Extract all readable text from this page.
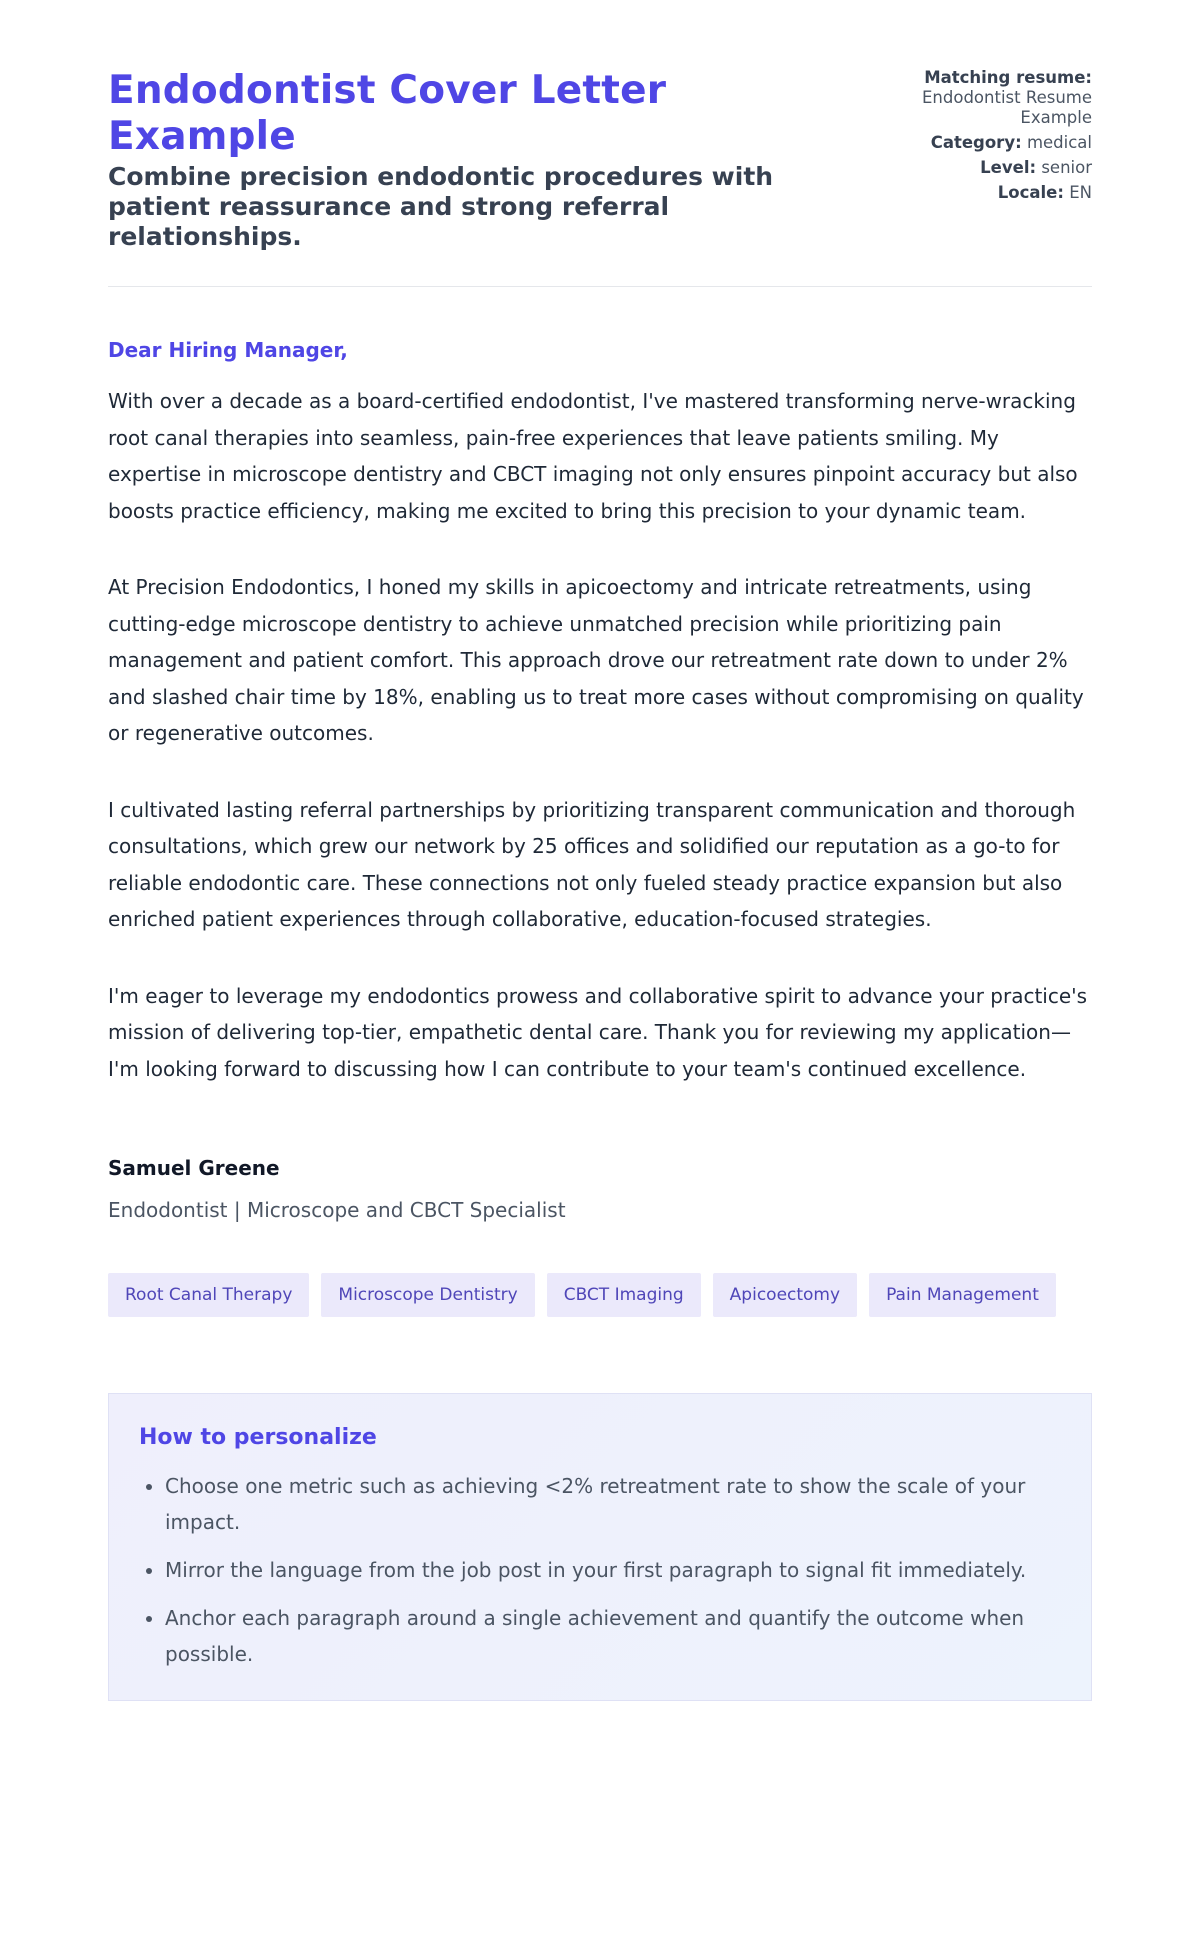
Endodontist Cover Letter Example
Combine precision endodontic procedures with patient reassurance and strong referral relationships.
Matching resume:
Endodontist Resume Example
Category: medical
Level: senior
Locale: EN
Dear Hiring Manager,

With over a decade as a board-certified endodontist, I've mastered transforming nerve-wracking root canal therapies into seamless, pain-free experiences that leave patients smiling. My expertise in microscope dentistry and CBCT imaging not only ensures pinpoint accuracy but also boosts practice efficiency, making me excited to bring this precision to your dynamic team.

At Precision Endodontics, I honed my skills in apicoectomy and intricate retreatments, using cutting-edge microscope dentistry to achieve unmatched precision while prioritizing pain management and patient comfort. This approach drove our retreatment rate down to under 2% and slashed chair time by 18%, enabling us to treat more cases without compromising on quality or regenerative outcomes.

I cultivated lasting referral partnerships by prioritizing transparent communication and thorough consultations, which grew our network by 25 offices and solidified our reputation as a go-to for reliable endodontic care. These connections not only fueled steady practice expansion but also enriched patient experiences through collaborative, education-focused strategies.

I'm eager to leverage my endodontics prowess and collaborative spirit to advance your practice's mission of delivering top-tier, empathetic dental care. Thank you for reviewing my application—I'm looking forward to discussing how I can contribute to your team's continued excellence.

Samuel Greene
Endodontist | Microscope and CBCT Specialist
Root Canal Therapy	Microscope Dentistry	CBCT Imaging	Apicoectomy	Pain Management
How to personalize
• Choose one metric such as achieving <2% retreatment rate to show the scale of your impact.
• Mirror the language from the job post in your first paragraph to signal fit immediately.
• Anchor each paragraph around a single achievement and quantify the outcome when possible.
